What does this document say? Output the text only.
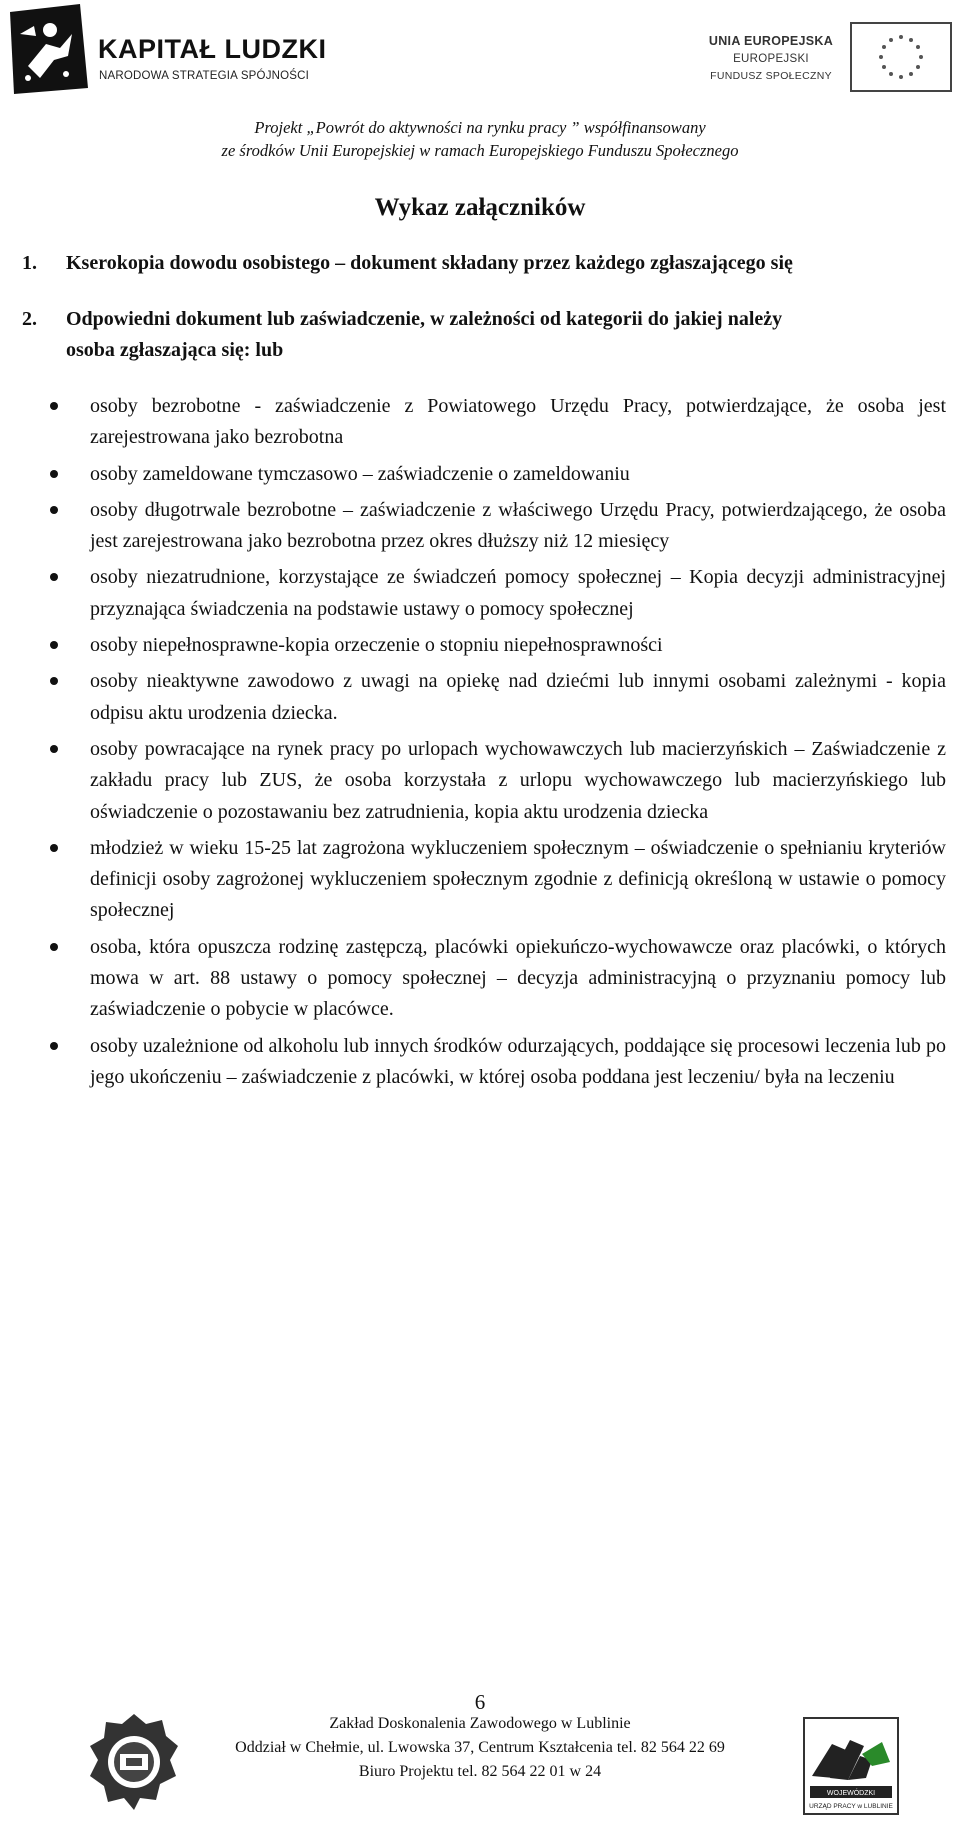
KAPITAŁ LUDZKI
NARODOWA STRATEGIA SPÓJNOŚCI
UNIA EUROPEJSKA
EUROPEJSKI
FUNDUSZ SPOŁECZNY
Projekt „Powrót do aktywności na rynku pracy ” współfinansowany
ze środków Unii Europejskiej w ramach Europejskiego Funduszu Społecznego
Wykaz załączników
1. Kserokopia dowodu osobistego – dokument składany przez każdego zgłaszającego się
2. Odpowiedni dokument lub zaświadczenie, w zależności od kategorii do jakiej należy
osoba zgłaszająca się: lub
osoby bezrobotne - zaświadczenie z Powiatowego Urzędu Pracy, potwierdzające, że osoba jest zarejestrowana jako bezrobotna
osoby zameldowane tymczasowo – zaświadczenie o zameldowaniu
osoby długotrwale bezrobotne – zaświadczenie z właściwego Urzędu Pracy, potwierdzającego, że osoba jest zarejestrowana jako bezrobotna przez okres dłuższy niż 12 miesięcy
osoby niezatrudnione, korzystające ze świadczeń pomocy społecznej – Kopia decyzji administracyjnej przyznająca świadczenia na podstawie ustawy o pomocy społecznej
osoby niepełnosprawne-kopia orzeczenie o stopniu niepełnosprawności
osoby nieaktywne zawodowo z uwagi na opiekę nad dziećmi lub innymi osobami zależnymi - kopia odpisu aktu urodzenia dziecka.
osoby powracające na rynek pracy po urlopach wychowawczych lub macierzyńskich – Zaświadczenie z zakładu pracy lub ZUS, że osoba korzystała z urlopu wychowawczego lub macierzyńskiego lub oświadczenie o pozostawaniu bez zatrudnienia, kopia aktu urodzenia dziecka
młodzież w wieku 15-25 lat zagrożona wykluczeniem społecznym – oświadczenie o spełnianiu kryteriów definicji osoby zagrożonej wykluczeniem społecznym zgodnie z definicją określoną w ustawie o pomocy społecznej
osoba, która opuszcza rodzinę zastępczą, placówki opiekuńczo-wychowawcze oraz placówki, o których mowa w art. 88 ustawy o pomocy społecznej – decyzja administracyjną o przyznaniu pomocy lub zaświadczenie o pobycie w placówce.
osoby uzależnione od alkoholu lub innych środków odurzających, poddające się procesowi leczenia lub po jego ukończeniu – zaświadczenie z placówki, w której osoba poddana jest leczeniu/ była na leczeniu
6
Zakład Doskonalenia Zawodowego w Lublinie
Oddział w Chełmie, ul. Lwowska 37, Centrum Kształcenia tel. 82 564 22 69
Biuro Projektu tel. 82 564 22 01 w 24
WOJEWÓDZKI
URZĄD PRACY w LUBLINIE
